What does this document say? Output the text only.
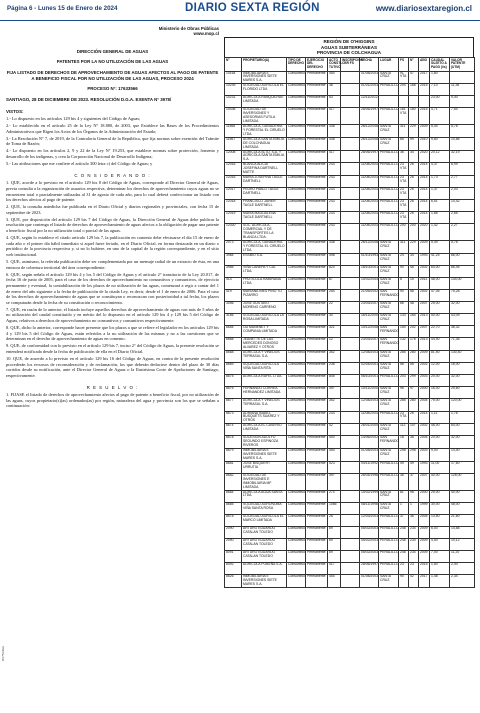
Página 6 - Lunes 15 de Enero de 2024	DIARIO SEXTA REGIÓN	www.diariosextaregion.cl
Ministerio de Obras Públicas
www.mop.cl
DIRECCIÓN GENERAL DE AGUAS
PATENTES POR LA NO UTILIZACIÓN DE LAS AGUAS
FIJA LISTADO DE DERECHOS DE APROVECHAMIENTO DE AGUAS AFECTOS AL PAGO DE PATENTE A BENEFICIO FISCAL POR NO UTILIZACIÓN DE LAS AGUAS, PROCESO 2024
PROCESO N°: 17633566

SANTIAGO, 28 DE DICIEMBRE DE 2023. RESOLUCIÓN D.G.A. EXENTA N° 3978/

VISTOS:

1.- Lo dispuesto en los artículos 129 bis 4 y siguientes del Código de Aguas;

2.- Lo establecido en el artículo 25 de la Ley N° 18.880, de 2003, que Establece las Bases de los Procedimientos Administrativos que Rigen los Actos de los Órganos de la Administración del Estado;

3.- La Resolución N° 7, de 2019, de la Contraloría General de la República, que fija normas sobre exención del Trámite de Toma de Razón;

4.- Lo dispuesto en los artículos 2, 9 y 22 de la Ley N° 19.253, que establece normas sobre protección, fomento y desarrollo de los indígenas, y crea la Corporación Nacional de Desarrollo Indígena;

5.- Las atribuciones que me confiere el artículo 300 letra c) del Código de Aguas; y

C O N S I D E R A N D O :

1. QUE, acorde a lo previsto en el artículo 129 bis 8 del Código de Aguas, corresponde al Director General de Aguas, previa consulta a la organización de usuarios respectiva, determinar los derechos de aprovechamiento cuyos aguas no se encuentren total o parcialmente utilizadas al 31 de agosto de cada año, para lo cual deberá confeccionar un listado con los derechos afectos al pago de patente.

2. QUE, la consulta antedicha fue publicada en el Diario Oficial y diarios regionales y provinciales, con fecha 15 de septiembre de 2023.

3. QUE, por disposición del artículo 129 bis 7 del Código de Aguas, la Dirección General de Aguas debe publicar la resolución que contenga el listado de derechos de aprovechamiento de aguas afectos a la obligación de pagar una patente a beneficio fiscal por la no utilización total o parcial de las aguas.

4. QUE, según lo establece el citado artículo 129 bis 7, la publicación en comento debe efectuarse el día 15 de enero de cada año o el primer día hábil inmediato si aquel fuere feriado, en el Diario Oficial, en forma destacada en un diario o periódico de la provincia respectiva y, si no lo hubiere, en uno de la capital de la región correspondiente, y en el sitio web institucional.

5. QUE, asimismo, la referida publicación debe ser complementada por un mensaje radial de un extracto de ésta, en una emisora de cobertura territorial del área correspondiente.

6. QUE, según señala el artículo 129 bis 4 y los 5 del Código de Aguas y el artículo 2° transitorio de la Ley 20.017, de fecha 16 de junio de 2005, para el caso de los derechos de aprovechamiento no consuntivos y consuntivos, de ejercicio permanente y eventual, la contabilización de los plazos de no utilización de las aguas, comenzará a regir a contar del 1 de enero del año siguiente a la fecha de publicación de la citada Ley, es decir, desde el 1 de enero de 2006. Para el caso de los derechos de aprovechamiento de aguas que se constituyan o reconozcan con posterioridad a tal fecha, los plazos se computarán desde la fecha de su constitución o reconocimiento.

7. QUE, en razón de lo anterior, el listado incluye aquellos derechos de aprovechamiento de aguas con más de 5 años de no utilización del caudal constituido y en mérito del lo dispuesto en el artículo 129 bis 4 y 129 bis 5 del Código de Aguas, relativos a derechos de aprovechamiento no consuntivos y consuntivos respectivamente.

8. QUE, dicho lo anterior, corresponde hacer presente que los plazos a que se refiere el legislador en los artículos 129 bis 4 y 129 bis 5 del Código de Aguas, están referidos a la no utilización de las mismas y no a las cuestiones que se determinan en el derecho de aprovechamiento de aguas en comento.

9. QUE, de conformidad con lo previsto en el artículo 129 bis 7, inciso 2° del Código de Aguas, la presente resolución se entenderá notificada desde la fecha de publicación de ella en el Diario Oficial.

10. QUE, de acuerdo a lo previsto en el artículo 129 bis 16 del Código de Aguas, en contra de la presente resolución procederán los recursos de reconsideración y de reclamación, los que deberán deducirse dentro del plazo de 30 días corridos desde su notificación, ante el Director General de Aguas o la Ilustrísima Corte de Apelaciones de Santiago, respectivamente.

R E S U E L V O :

1. FIJASE el listado de derechos de aprovechamiento afectos al pago de patente a beneficio fiscal, por no utilización de las aguas, cuyos propietario(s)(as) ordenados(as) por región, naturaleza del agua y provincia son los que se señalan a continuación:

DV75-DGA
REGIÓN DE O'HIGGINS
AGUAS SUBTERRÁNEAS
PROVINCIA DE COLCHAGUA
N°	PROPIETARIO(A)	TIPO DE DERECHO	EJERCICIO DEL DERECHO	ACTO CONSTI-TUTIVO	INSCRIPCIÓN CBR FS	FECHA	LUGAR	FS	N°	AÑO	CAUDAL SUJETO A PAGO (l/s)	VALOR PATENTE (UTM)
10164	INMOBILIARIA E INVERSIONES SIETE MARES S.A.	Consuntivo	Permanente	454		01/08/2003	SANTA CRUZ	91 VTA	47	2017	1,80	
10239	SOCIEDAD AGRICOLA EL FLORIDO LTDA	Consuntivo	Permanente	38		01/01/2003	PERALILLO	204	188	2015	7,10	11,36
10231	AGRICOLA RANQUILHUE LIMITADA	Consuntivo	Permanente	53		12/11/2012					23,00	9,40
10436	SOCIEDAD DE INVERSIONES Y ASESORIAS FUTILA LIMITADA	Consuntivo	Permanente	417		28/06/1997	PERALILLO	181 VTA	180	2015	4,71	7,54
11566	AGRICOLA, GANADERIA Y FORESTAL EL CIRUELO LTDA.	Consuntivo	Permanente	338		28/12/2008	SANTA CRUZ	311	229	2009	5,44	5,78
11567	AGRICOLA SANTA EMILIA DE COLCHAGUA LIMITADA	Consuntivo	Permanente	338		26/12/2008	SANTA CRUZ	85	99	2010	9,80	10,86
12008	AGRICOLA SLTD. S.A. Y AGRICOLA SANTA EMILIA S.A.	Consuntivo	Permanente	417		28/06/1997	PERALILLO	36	34	2020	20,12	32,19
12016	BLANCA ALICIA JOSEFINA DARTNELL MATTE	Consuntivo	Permanente	243		11/08/2003	PERALILLO	23 VTA	26	2014	4,37	6,99
12016	MARIA JOSEFINA TAGLE DARTNELL	Consuntivo	Permanente	243		11/08/2003	PERALILLO	23 VTA	26	2014	1,73	2,77
12017	PEDRO PABLO TAGLE DARTNELL	Consuntivo	Permanente	243		11/08/2003	PERALILLO	23 VTA	26	2014	1,37	2,03
12018	FRANCISCO JAVIER TAGLE DARTNELL	Consuntivo	Permanente	243		11/08/2003	PERALILLO	23 VTA	26	2014	6,51	10,42
12019	MARIA MAGDALENA TAGLE DARTNELL	Consuntivo	Permanente	243		11/08/2003	PERALILLO	23 VTA	26	2014	1,66	2,65
12020	SOC. AGRICOLA, COMERCIAL Y DE TRANSPORTES LA BLANCA LTDA.	Consuntivo	Permanente	243		11/08/2003	PERALILLO	200	200	2020	1,42	2,27
2073	AGRICOLA, GANADERIA Y FORESTAL EL CIRUELO LTDA.	Consuntivo	Permanente	338		26/12/2008	SANTA CRUZ	311	229	2009	5,49	5,78
3984	ESSBIO S.A.	Consuntivo	Permanente	498		01/10/1993	SANTA CRUZ	24	34	1993	41,25	66,00
3985	VIÑA CANEPA Y CIA. LTDA.	Consuntivo	Permanente	824		18/10/2001	SANTA CRUZ	90	46	2002	64,00	66,45
414	FRUTICOLA RAMIRANA LTDA.	Consuntivo	Permanente	67		10/02/2004	SANTA CRUZ	6	15	2011	48,00	144,00
419	MARIANA INES PINO TO PIZARRO	Consuntivo	Permanente	254		21/05/2002	SAN FERNANDO	90	58	2002	47,05	75,28
3056	JOSE GUSTAVO MORENO CARRENO	Consuntivo	Permanente	22		23/03/2007	SANTA CRUZ	66	48	2007	25,00	32,00
3166	SOCIEDAD AGRICOLA LA ROSA LIMITADA	Consuntivo	Permanente	30		16/11/2000	SANTA CRUZ	133	164	2013	50,00	43,09
6654	IJU MANENET Y COMPANIA LIMITADA	Consuntivo	Permanente	321		10/12/2008	SAN FERNANDO	154	202	2007	22,70	36,32
6668	JEANETTE DE LAS MERCEDES DONOSO ALVAREZ Y OTROS	Consuntivo	Permanente	12		23/03/2007	SAN FERNANDO	132	178	2013	44,90	71,36
8668	AGRICOLA Y VINEDOS TERRASUL S.A.	Consuntivo	Permanente	352		12/08/2003	SANTA CRUZ	285	280	2009	81,50	130,40
8669	SOCIEDAD AGRICOLA VIÑA SANTA RITA	Consuntivo	Permanente	238		02/04/2001	SANTA CRUZ	56	55	2002	12,00	16,00
8675	AGRICOLA RAFEL LTDA.	Consuntivo	Permanente	845		06/10/2001	PERALILLO	203	299	2003	20,00	32,00
8676	FERNANDO CORREA HERNANDEZ LIMITADA	Consuntivo	Permanente	397		10/11/2000	SANTA CRUZ	96	97	2000	16,00	25,60
8677	AGRICOLA Y VINEDOS TERRASUL S.A.	Consuntivo	Permanente	352		12/08/2003	SANTA CRUZ	285	280	2004	75,00	120,00
8673	ADRIANA ISABEL BUSQUETS SUAREZ Y OTROS	Consuntivo	Permanente	243		11/08/2003	PERALILLO	23 VTA	26	2014	1,11	1,78
8674	AGRICOLA EL CASERIO LIMITADA	Consuntivo	Permanente	42		26/01/2000	SANTA CRUZ	112	107	2002	46,00	64,00
8678	SUCESION ADOLFO SEGUNDO ESPINOZA RIVEROS	Consuntivo	Permanente	400		14/06/2002	SAN FERNANDO	18	36	2004	20,00	32,00
8679	INMOBILIARIA E INVERSIONES SIETE MARES S.A.	Consuntivo	Permanente	454		01/08/2003	SANTA CRUZ	298	298	2003	9,00	14,40
8681	JOSE BISQUERT URRUTIA	Consuntivo	Permanente	523		04/11/1992	PERALILLO	49	49	1993	11,00	17,60
8682	SOCIEDAD DE INVERSIONES E INMOBILIARIA MF LIMITADA	Consuntivo	Permanente	397		26/04/1996	PERALILLO	36	37	2007	40,00	128,00
8684	AGRICOLA AGUA SANTA LTDA.	Consuntivo	Permanente	274		10/02/1999	SANTA CRUZ	81	98	2000	25,00	40,00
8685	SOCIEDAD AGRONOMA VIÑA SANTA ROSA	Consuntivo	Permanente	1086		08/11/1996	SANTA CRUZ	1	1	1999	30,00	48,00
8678	SOCIEDAD AGRICOLA EL MARCO LIMITADA	Consuntivo	Permanente	26		12/03/2003	PERALILLO	37	36	2004	13,50	21,60
2090	ARTURO EDUARDO CATALAN TOLEDO	Consuntivo	Permanente	69		05/02/2003	PERALILLO	248	234	2009	6,00	14,88
2090	ARTURO EDUARDO CATALAN TOLEDO	Consuntivo	Permanente	69		05/02/2003	PERALILLO	248	234	2009	4,50	10,12
8091	ARTURO EDUARDO CATALAN TOLEDO	Consuntivo	Permanente	69		05/02/2003	PERALILLO	248	234	2009	7,00	11,20
8092	AGRICOLA POBEÑA S.A.	Consuntivo	Permanente	417		28/06/1997	PERALILLO	23	23	2015	1,50	2,40
8626	INMOBILIARIA E INVERSIONES SIETE MARES S.A.	Consuntivo	Permanente	454		01/08/2003	SANTA CRUZ	90	42	2017	1,48	2,34
